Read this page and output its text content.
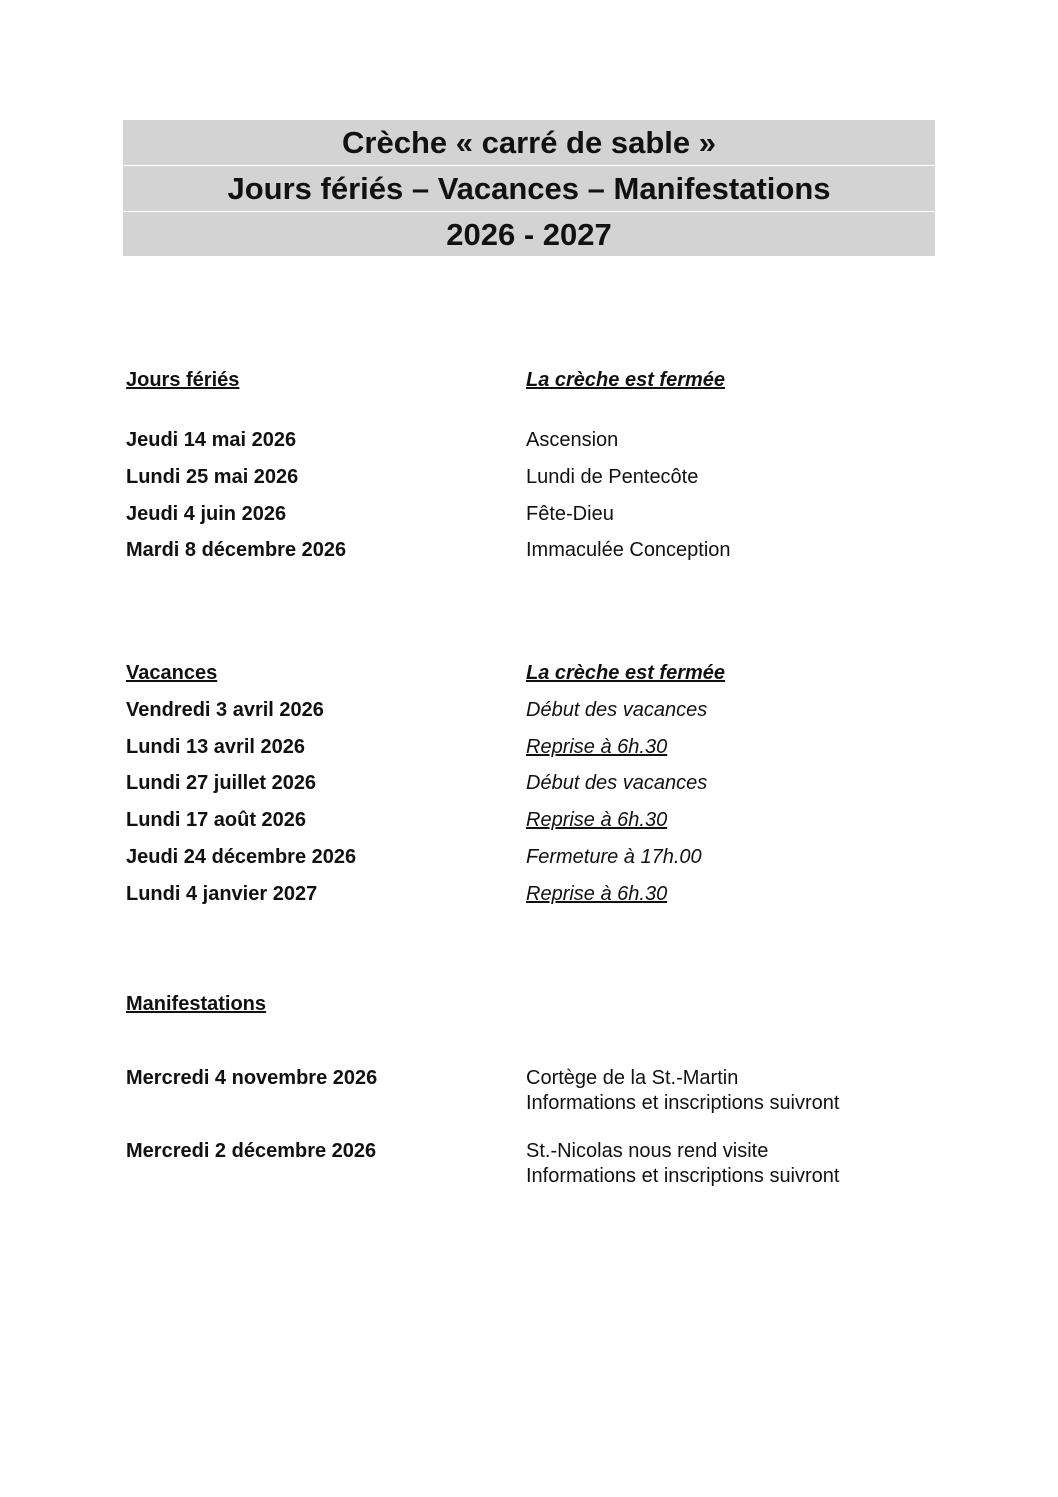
Crèche « carré de sable »
Jours fériés – Vacances – Manifestations
2026 - 2027
Jours fériés	La crèche est fermée
Jeudi 14 mai 2026	Ascension
Lundi 25 mai 2026	Lundi de Pentecôte
Jeudi 4 juin 2026	Fête-Dieu
Mardi 8 décembre 2026	Immaculée Conception
Vacances	La crèche est fermée
Vendredi 3 avril 2026	Début des vacances
Lundi 13 avril 2026	Reprise à 6h.30
Lundi 27 juillet 2026	Début des vacances
Lundi 17 août 2026	Reprise à 6h.30
Jeudi 24 décembre 2026	Fermeture à 17h.00
Lundi 4 janvier 2027	Reprise à 6h.30
Manifestations
Mercredi 4 novembre 2026	Cortège de la St.-Martin
Informations et inscriptions suivront
Mercredi 2 décembre 2026	St.-Nicolas nous rend visite
Informations et inscriptions suivront
